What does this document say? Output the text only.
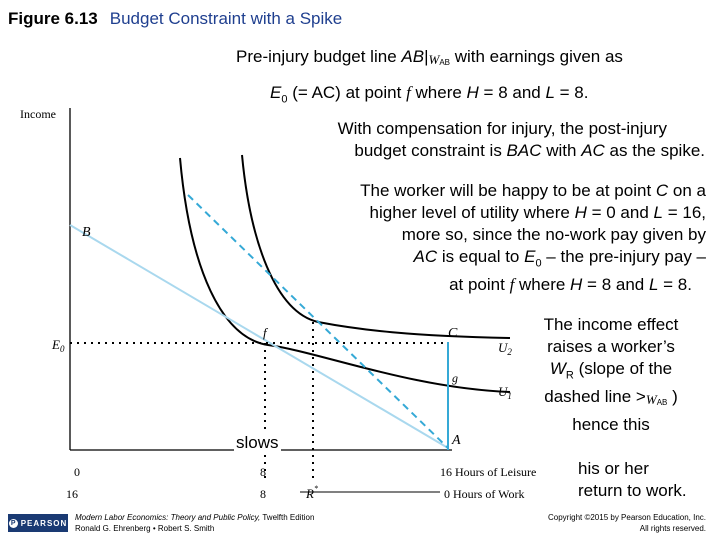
Figure 6.13 Budget Constraint with a Spike
Income
B
$E_0$
f	C
g
A
$U_2$
$U_1$
0	8	16 Hours of Leisure
16	8	R*	0 Hours of Work
Pre-injury budget line AB|WAB with earnings given as
$E_0$ (= AC) at point f where H = 8 and L = 8.
With compensation for injury, the post-injury
budget constraint is BAC with AC as the spike.
The worker will be happy to be at point C on a
higher level of utility where H = 0 and L = 16,
more so, since the no-work pay given by
AC is equal to $E_0$ – the pre-injury pay –
at point f where H = 8 and L = 8.
The income effect
raises a worker’s
$W_R$ (slope of the
dashed line >WAB )
hence this
slows
his or her
return to work.
P PEARSON
Modern Labor Economics: Theory and Public Policy, Twelfth Edition
Ronald G. Ehrenberg • Robert S. Smith
Copyright ©2015 by Pearson Education, Inc.
All rights reserved.
